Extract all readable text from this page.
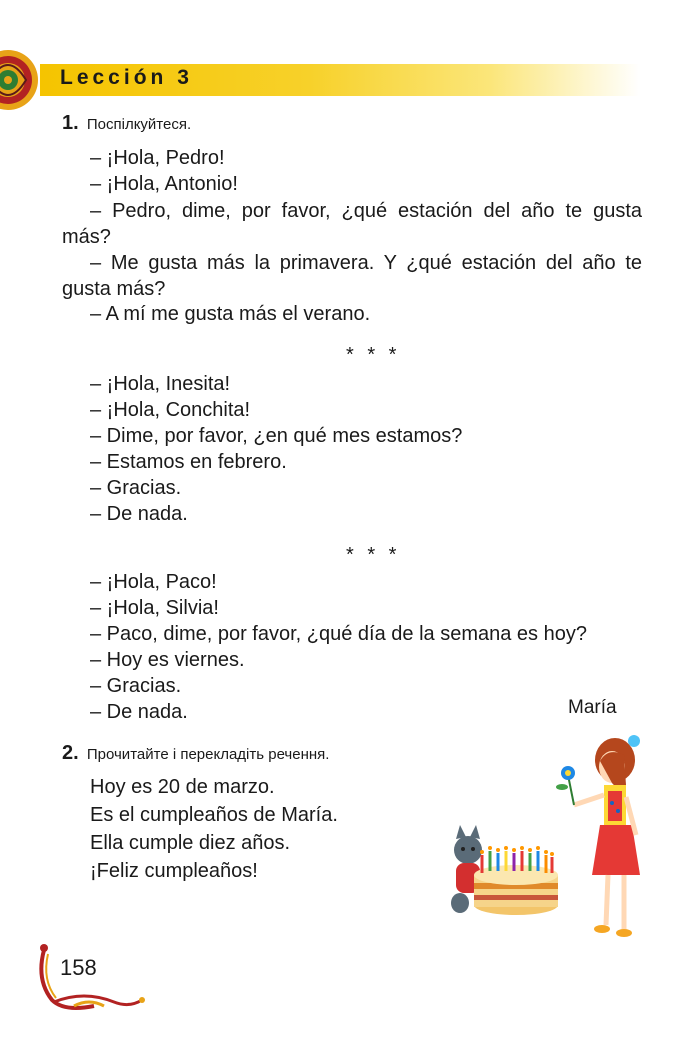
Lección 3
1. Поспілкуйтеся.
– ¡Hola, Pedro!
– ¡Hola, Antonio!
– Pedro, dime, por favor, ¿qué estación del año te gusta más?
– Me gusta más la primavera. Y ¿qué estación del año te gusta más?
– A mí me gusta más el verano.
* * *
– ¡Hola, Inesita!
– ¡Hola, Conchita!
– Dime, por favor, ¿en qué mes estamos?
– Estamos en febrero.
– Gracias.
– De nada.
* * *
– ¡Hola, Paco!
– ¡Hola, Silvia!
– Paco, dime, por favor, ¿qué día de la semana es hoy?
– Hoy es viernes.
– Gracias.
– De nada.	María
2. Прочитайте і перекладіть речення.
Hoy es 20 de marzo.
Es el cumpleaños de María.
Ella cumple diez años.
¡Feliz cumpleaños!
158
